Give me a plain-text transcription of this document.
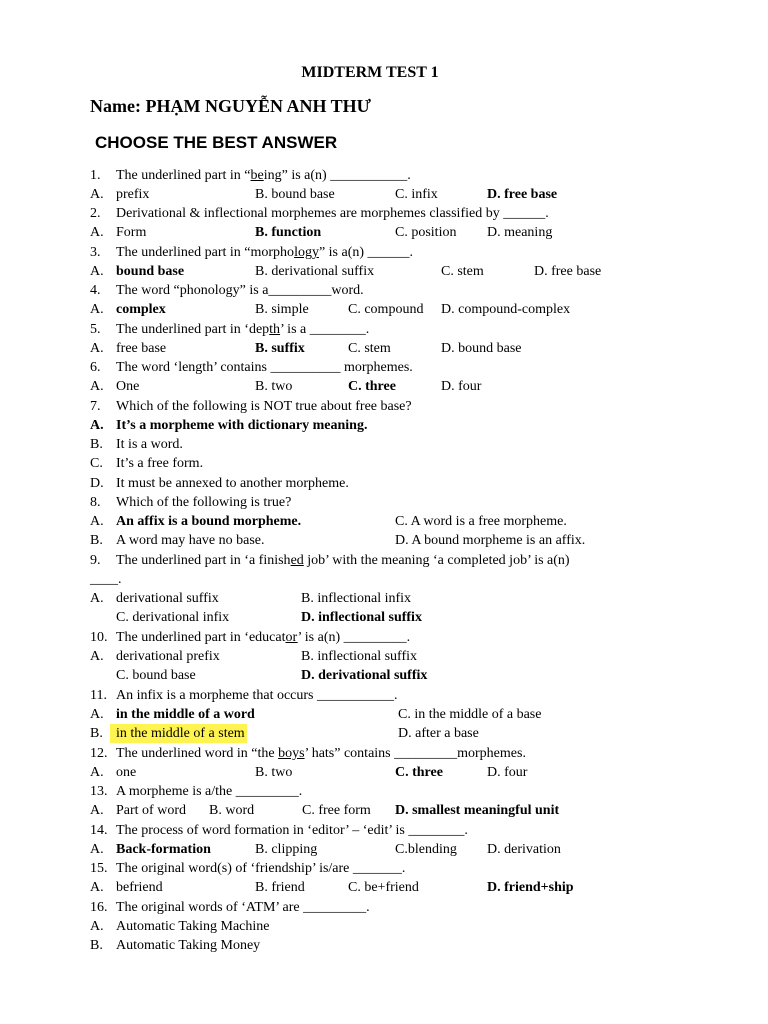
MIDTERM TEST 1
Name: PHẠM NGUYỄN ANH THƯ
CHOOSE THE BEST ANSWER
1. The underlined part in “being” is a(n) ___________.
A. prefix	B. bound base	C. infix	D. free base
2. Derivational & inflectional morphemes are morphemes classified by ______.
A. Form	B. function	C. position D. meaning
3. The underlined part in “morphology” is a(n) ______.
A. bound base	B. derivational suffix	C. stem	D. free base
4. The word “phonology” is a_________word.
A. complex	B. simple	C. compound D. compound-complex
5. The underlined part in ‘depth’ is a ________.
A. free base	B. suffix	C. stem	D. bound base
6. The word ‘length’ contains __________ morphemes.
A. One	B. two	C. three	D. four
7. Which of the following is NOT true about free base?
A. It’s a morpheme with dictionary meaning.
B. It is a word.
C. It’s a free form.
D. It must be annexed to another morpheme.
8. Which of the following is true?
A. An affix is a bound morpheme.	C. A word is a free morpheme.
B. A word may have no base.	D. A bound morpheme is an affix.
9. The underlined part in ‘a finished job’ with the meaning ‘a completed job’ is a(n)
____.
A. derivational suffix	B. inflectional infix
C. derivational infix	D. inflectional suffix
10. The underlined part in ‘educator’ is a(n) _________.
A. derivational prefix	B. inflectional suffix
C. bound base	D. derivational suffix
11. An infix is a morpheme that occurs ___________.
A. in the middle of a word	C. in the middle of a base
B. in the middle of a stem	D. after a base
12. The underlined word in “the boys’ hats” contains _________morphemes.
A. one	B. two	C. three	D. four
13. A morpheme is a/the _________.
A. Part of word B. word	C. free form D. smallest meaningful unit
14. The process of word formation in ‘editor’ – ‘edit’ is ________.
A. Back-formation	B. clipping	C.blending D. derivation
15. The original word(s) of ‘friendship’ is/are _______.
A. befriend	B. friend	C. be+friend	D. friend+ship
16. The original words of ‘ATM’ are _________.
A. Automatic Taking Machine
B. Automatic Taking Money
